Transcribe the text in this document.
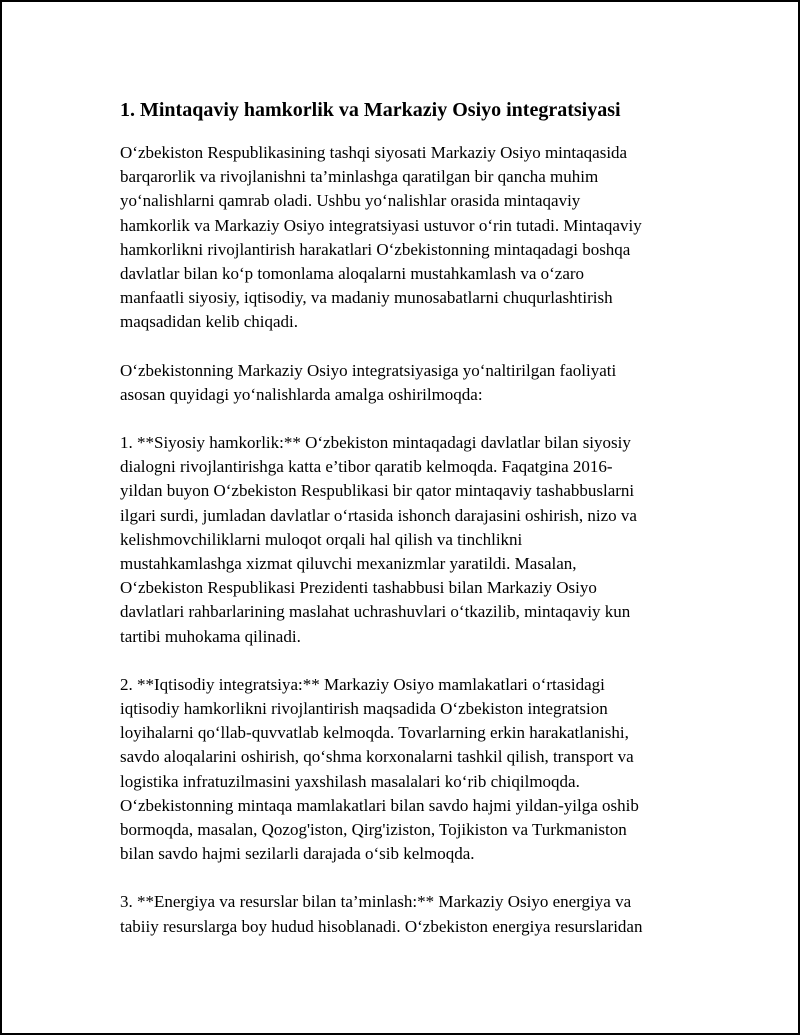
1. Mintaqaviy hamkorlik va Markaziy Osiyo integratsiyasi
O‘zbekiston Respublikasining tashqi siyosati Markaziy Osiyo mintaqasida
barqarorlik va rivojlanishni ta’minlashga qaratilgan bir qancha muhim
yo‘nalishlarni qamrab oladi. Ushbu yo‘nalishlar orasida mintaqaviy
hamkorlik va Markaziy Osiyo integratsiyasi ustuvor o‘rin tutadi. Mintaqaviy
hamkorlikni rivojlantirish harakatlari O‘zbekistonning mintaqadagi boshqa
davlatlar bilan ko‘p tomonlama aloqalarni mustahkamlash va o‘zaro
manfaatli siyosiy, iqtisodiy, va madaniy munosabatlarni chuqurlashtirish
maqsadidan kelib chiqadi.
O‘zbekistonning Markaziy Osiyo integratsiyasiga yo‘naltirilgan faoliyati
asosan quyidagi yo‘nalishlarda amalga oshirilmoqda:
1. **Siyosiy hamkorlik:** O‘zbekiston mintaqadagi davlatlar bilan siyosiy
dialogni rivojlantirishga katta e’tibor qaratib kelmoqda. Faqatgina 2016-
yildan buyon O‘zbekiston Respublikasi bir qator mintaqaviy tashabbuslarni
ilgari surdi, jumladan davlatlar o‘rtasida ishonch darajasini oshirish, nizo va
kelishmovchiliklarni muloqot orqali hal qilish va tinchlikni
mustahkamlashga xizmat qiluvchi mexanizmlar yaratildi. Masalan,
O‘zbekiston Respublikasi Prezidenti tashabbusi bilan Markaziy Osiyo
davlatlari rahbarlarining maslahat uchrashuvlari o‘tkazilib, mintaqaviy kun
tartibi muhokama qilinadi.
2. **Iqtisodiy integratsiya:** Markaziy Osiyo mamlakatlari o‘rtasidagi
iqtisodiy hamkorlikni rivojlantirish maqsadida O‘zbekiston integratsion
loyihalarni qo‘llab-quvvatlab kelmoqda. Tovarlarning erkin harakatlanishi,
savdo aloqalarini oshirish, qo‘shma korxonalarni tashkil qilish, transport va
logistika infratuzilmasini yaxshilash masalalari ko‘rib chiqilmoqda.
O‘zbekistonning mintaqa mamlakatlari bilan savdo hajmi yildan-yilga oshib
bormoqda, masalan, Qozog'iston, Qirg'iziston, Tojikiston va Turkmaniston
bilan savdo hajmi sezilarli darajada o‘sib kelmoqda.
3. **Energiya va resurslar bilan ta’minlash:** Markaziy Osiyo energiya va
tabiiy resurslarga boy hudud hisoblanadi. O‘zbekiston energiya resurslaridan
